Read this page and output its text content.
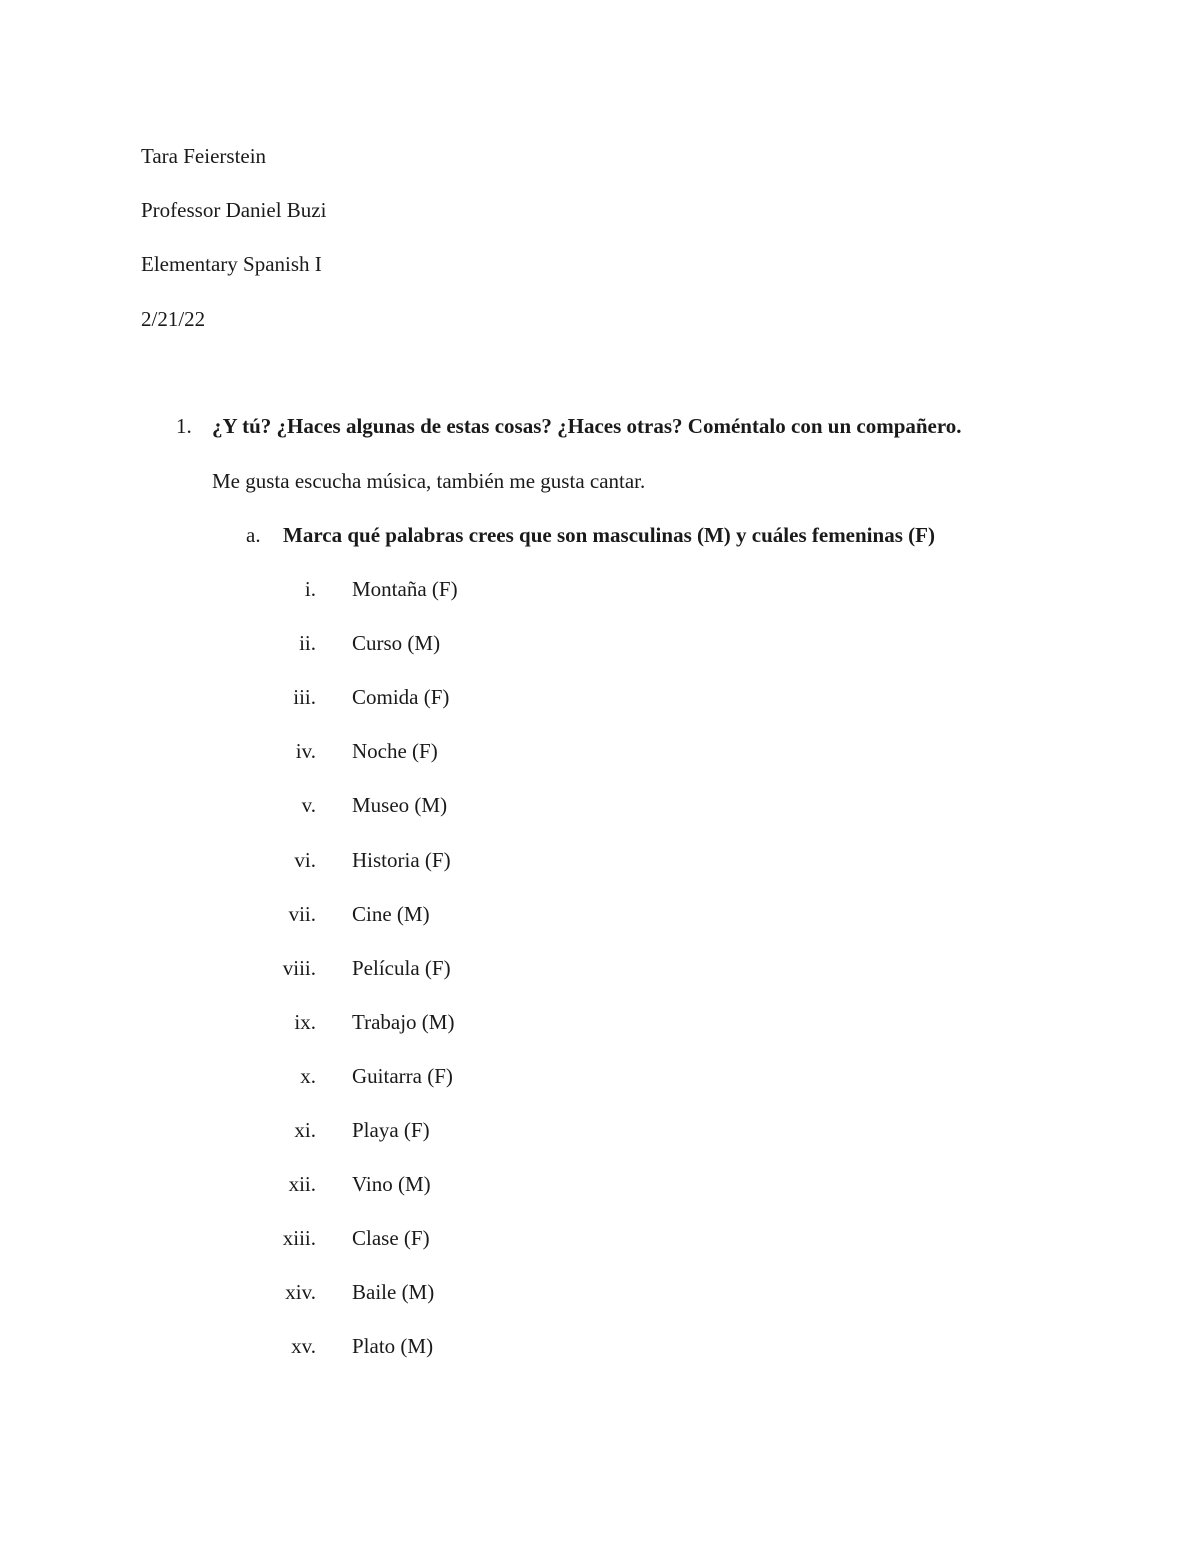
Tara Feierstein
Professor Daniel Buzi
Elementary Spanish I
2/21/22
1. ¿Y tú? ¿Haces algunas de estas cosas? ¿Haces otras? Coméntalo con un compañero.
Me gusta escucha música, también me gusta cantar.
a. Marca qué palabras crees que son masculinas (M) y cuáles femeninas (F)
i. Montaña (F)
ii. Curso (M)
iii. Comida (F)
iv. Noche (F)
v. Museo (M)
vi. Historia (F)
vii. Cine (M)
viii. Película (F)
ix. Trabajo (M)
x. Guitarra (F)
xi. Playa (F)
xii. Vino (M)
xiii. Clase (F)
xiv. Baile (M)
xv. Plato (M)
